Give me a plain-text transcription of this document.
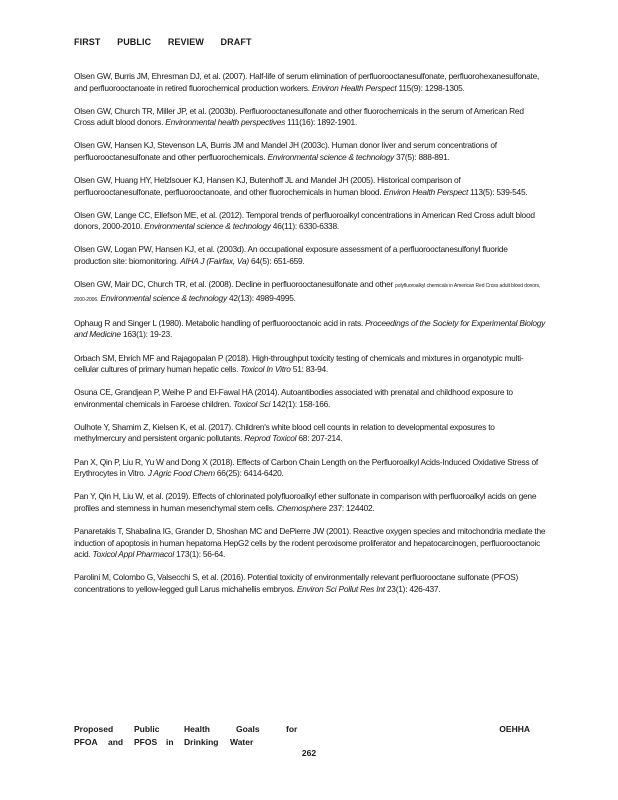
FIRST PUBLIC REVIEW DRAFT

Olsen GW, Burris JM, Ehresman DJ, et al. (2007). Half-life of serum elimination of perfluorooctanesulfonate, perfluorohexanesulfonate, and perfluorooctanoate in retired fluorochemical production workers. Environ Health Perspect 115(9): 1298-1305.

Olsen GW, Church TR, Miller JP, et al. (2003b). Perfluorooctanesulfonate and other fluorochemicals in the serum of American Red Cross adult blood donors. Environmental health perspectives 111(16): 1892-1901.

Olsen GW, Hansen KJ, Stevenson LA, Burris JM and Mandel JH (2003c). Human donor liver and serum concentrations of perfluorooctanesulfonate and other perfluorochemicals. Environmental science & technology 37(5): 888-891.

Olsen GW, Huang HY, Helzlsouer KJ, Hansen KJ, Butenhoff JL and Mandel JH (2005). Historical comparison of perfluorooctanesulfonate, perfluorooctanoate, and other fluorochemicals in human blood. Environ Health Perspect 113(5): 539-545.

Olsen GW, Lange CC, Ellefson ME, et al. (2012). Temporal trends of perfluoroalkyl concentrations in American Red Cross adult blood donors, 2000-2010. Environmental science & technology 46(11): 6330-6338.

Olsen GW, Logan PW, Hansen KJ, et al. (2003d). An occupational exposure assessment of a perfluorooctanesulfonyl fluoride production site: biomonitoring. AIHA J (Fairfax, Va) 64(5): 651-659.

Olsen GW, Mair DC, Church TR, et al. (2008). Decline in perfluorooctanesulfonate and other polyfluoroalkyl chemicals in American Red Cross adult blood donors, 2000-2006. Environmental science & technology 42(13): 4989-4995.

Ophaug R and Singer L (1980). Metabolic handling of perfluorooctanoic acid in rats. Proceedings of the Society for Experimental Biology and Medicine 163(1): 19-23.

Orbach SM, Ehrich MF and Rajagopalan P (2018). High-throughput toxicity testing of chemicals and mixtures in organotypic multi-cellular cultures of primary human hepatic cells. Toxicol In Vitro 51: 83-94.

Osuna CE, Grandjean P, Weihe P and El-Fawal HA (2014). Autoantibodies associated with prenatal and childhood exposure to environmental chemicals in Faroese children. Toxicol Sci 142(1): 158-166.

Oulhote Y, Shamim Z, Kielsen K, et al. (2017). Children's white blood cell counts in relation to developmental exposures to methylmercury and persistent organic pollutants. Reprod Toxicol 68: 207-214.

Pan X, Qin P, Liu R, Yu W and Dong X (2018). Effects of Carbon Chain Length on the Perfluoroalkyl Acids-Induced Oxidative Stress of Erythrocytes in Vitro. J Agric Food Chem 66(25): 6414-6420.

Pan Y, Qin H, Liu W, et al. (2019). Effects of chlorinated polyfluoroalkyl ether sulfonate in comparison with perfluoroalkyl acids on gene profiles and stemness in human mesenchymal stem cells. Chemosphere 237: 124402.

Panaretakis T, Shabalina IG, Grander D, Shoshan MC and DePierre JW (2001). Reactive oxygen species and mitochondria mediate the induction of apoptosis in human hepatoma HepG2 cells by the rodent peroxisome proliferator and hepatocarcinogen, perfluorooctanoic acid. Toxicol Appl Pharmacol 173(1): 56-64.

Parolini M, Colombo G, Valsecchi S, et al. (2016). Potential toxicity of environmentally relevant perfluorooctane sulfonate (PFOS) concentrations to yellow-legged gull Larus michahellis embryos. Environ Sci Pollut Res Int 23(1): 426-437.

Proposed Public	Health	Goals	for	OEHHA
PFOA and PFOS in Drinking Water
262
